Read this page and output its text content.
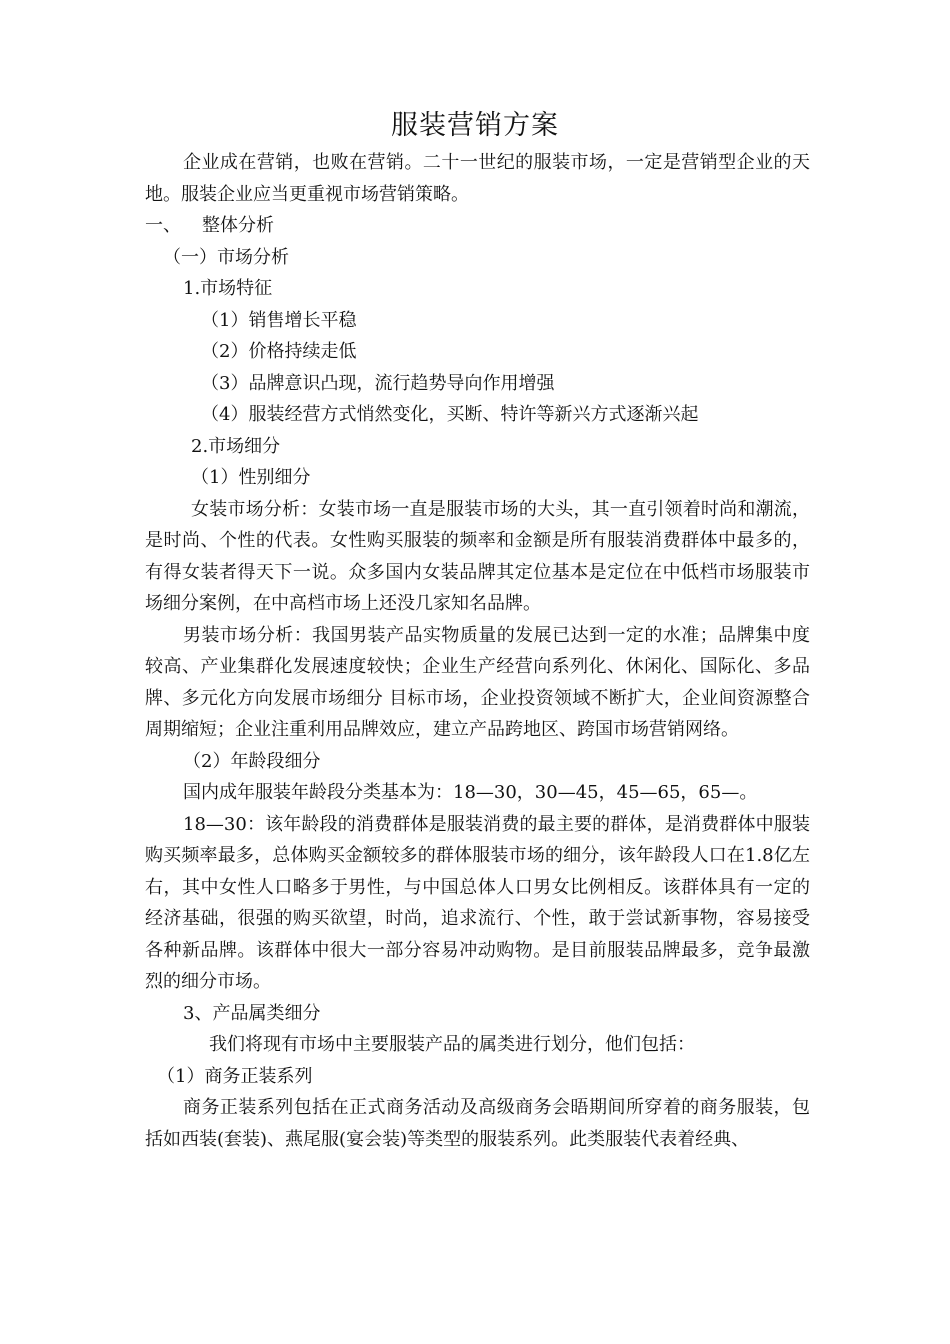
服装营销方案

企业成在营销，也败在营销。二十一世纪的服装市场，一定是营销型企业的天地。服装企业应当更重视市场营销策略。

一、 整体分析

（一）市场分析

1.市场特征

（1）销售增长平稳

（2）价格持续走低

（3）品牌意识凸现，流行趋势导向作用增强

（4）服装经营方式悄然变化，买断、特许等新兴方式逐渐兴起

2.市场细分

（1）性别细分

女装市场分析：女装市场一直是服装市场的大头，其一直引领着时尚和潮流，是时尚、个性的代表。女性购买服装的频率和金额是所有服装消费群体中最多的，有得女装者得天下一说。众多国内女装品牌其定位基本是定位在中低档市场服装市场细分案例，在中高档市场上还没几家知名品牌。

男装市场分析：我国男装产品实物质量的发展已达到一定的水准；品牌集中度较高、产业集群化发展速度较快；企业生产经营向系列化、休闲化、国际化、多品牌、多元化方向发展市场细分 目标市场，企业投资领域不断扩大，企业间资源整合周期缩短；企业注重利用品牌效应，建立产品跨地区、跨国市场营销网络。

（2）年龄段细分

国内成年服装年龄段分类基本为：18—30，30—45，45—65，65—。

18—30：该年龄段的消费群体是服装消费的最主要的群体，是消费群体中服装购买频率最多，总体购买金额较多的群体服装市场的细分，该年龄段人口在1.8亿左右，其中女性人口略多于男性，与中国总体人口男女比例相反。该群体具有一定的经济基础，很强的购买欲望，时尚，追求流行、个性，敢于尝试新事物，容易接受各种新品牌。该群体中很大一部分容易冲动购物。是目前服装品牌最多，竞争最激烈的细分市场。

3、产品属类细分

我们将现有市场中主要服装产品的属类进行划分，他们包括：

（1）商务正装系列

商务正装系列包括在正式商务活动及高级商务会晤期间所穿着的商务服装，包括如西装(套装)、燕尾服(宴会装)等类型的服装系列。此类服装代表着经典、
